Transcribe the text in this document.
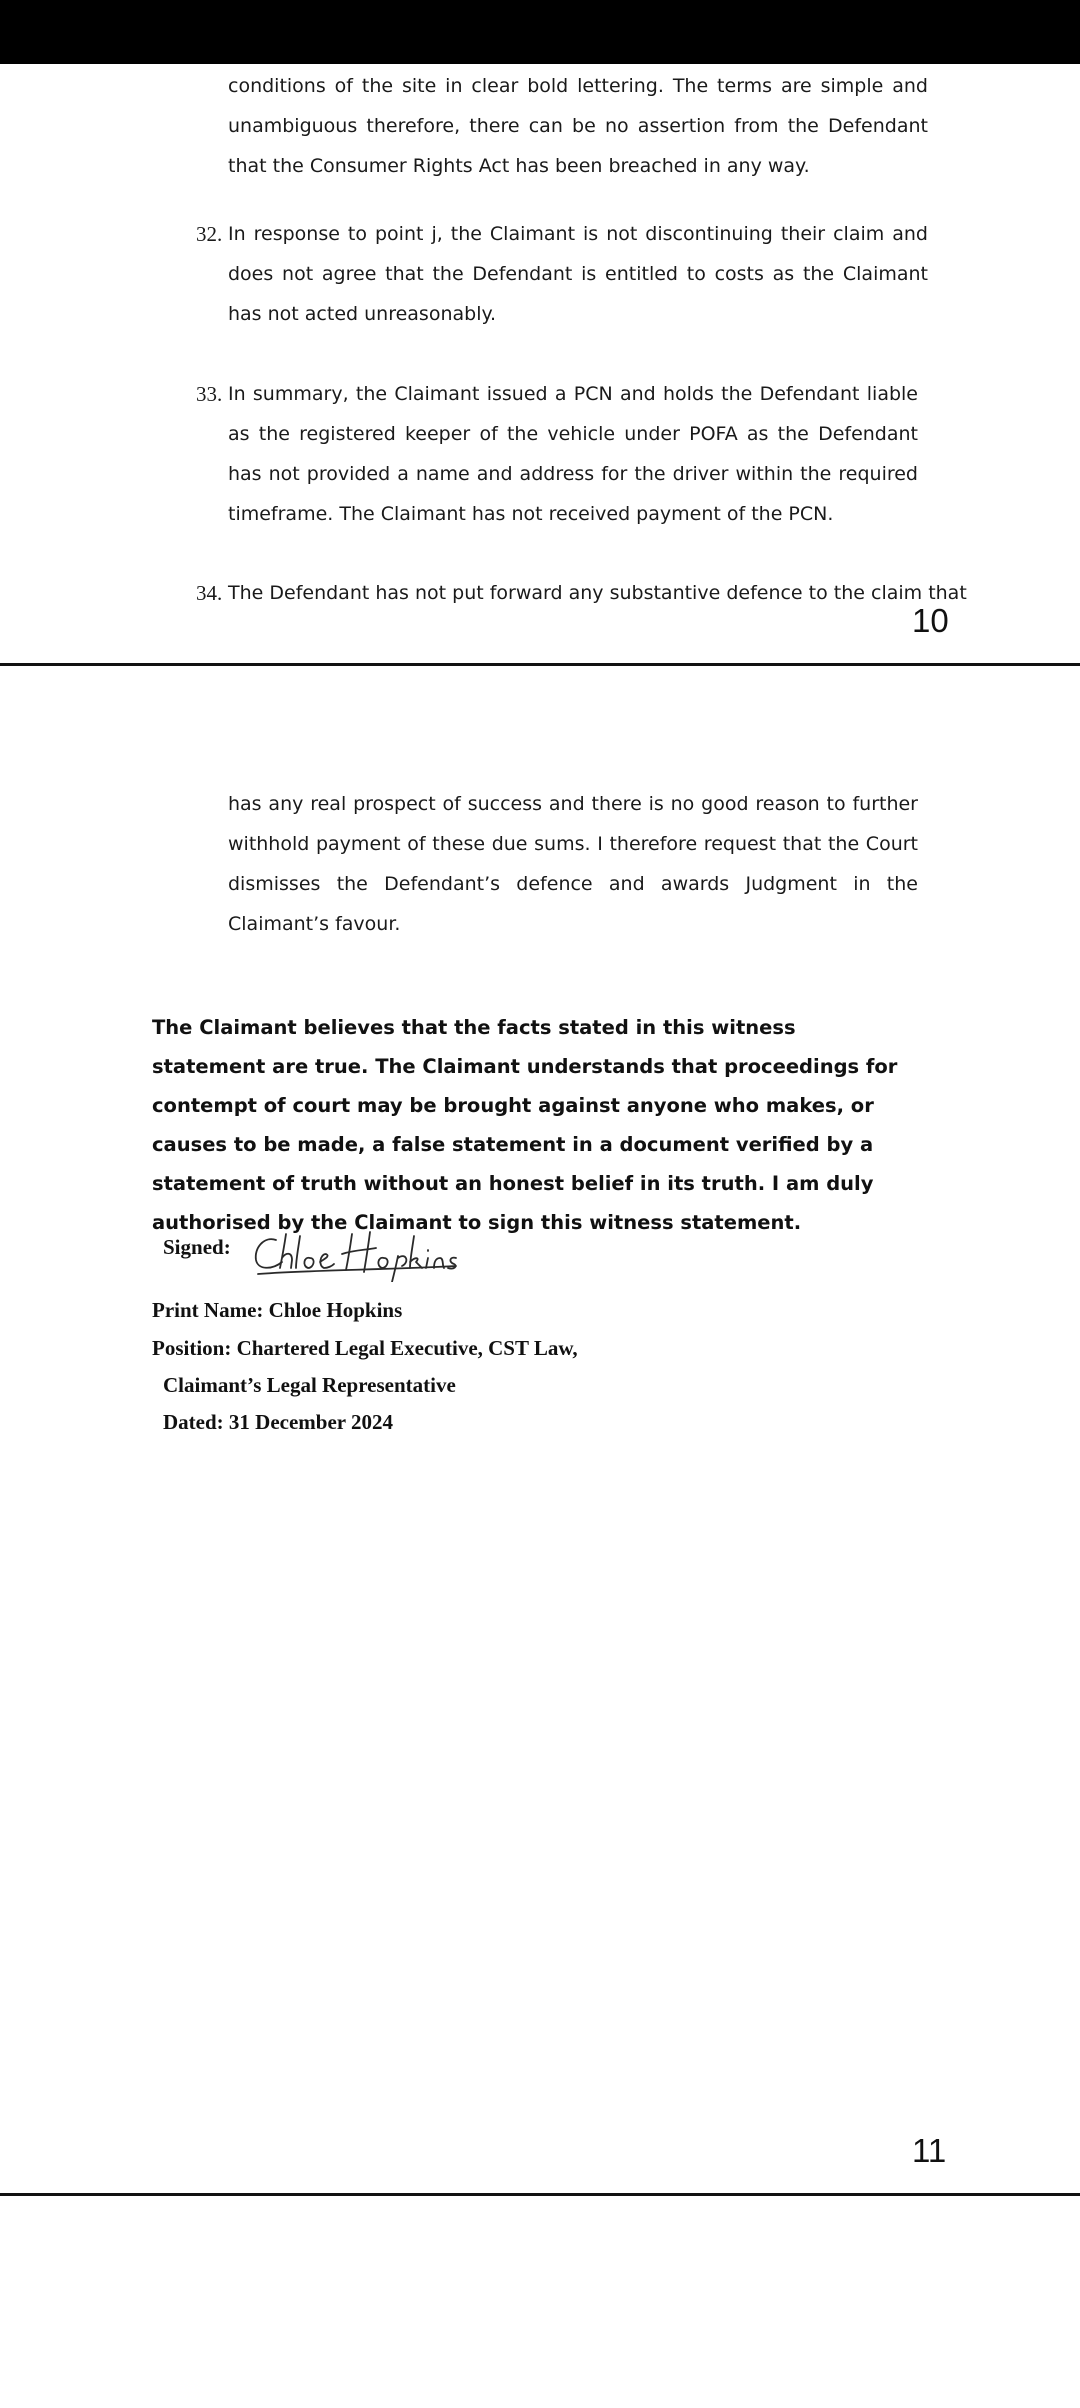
conditions of the site in clear bold lettering. The terms are simple and unambiguous therefore, there can be no assertion from the Defendant that the Consumer Rights Act has been breached in any way.

32. In response to point j, the Claimant is not discontinuing their claim and does not agree that the Defendant is entitled to costs as the Claimant has not acted unreasonably.

33. In summary, the Claimant issued a PCN and holds the Defendant liable as the registered keeper of the vehicle under POFA as the Defendant has not provided a name and address for the driver within the required timeframe. The Claimant has not received payment of the PCN.

34. The Defendant has not put forward any substantive defence to the claim that

10

has any real prospect of success and there is no good reason to further withhold payment of these due sums. I therefore request that the Court dismisses the Defendant’s defence and awards Judgment in the Claimant’s favour.

The Claimant believes that the facts stated in this witness statement are true. The Claimant understands that proceedings for contempt of court may be brought against anyone who makes, or causes to be made, a false statement in a document verified by a statement of truth without an honest belief in its truth. I am duly authorised by the Claimant to sign this witness statement.

Signed:
Print Name: Chloe Hopkins
Position: Chartered Legal Executive, CST Law,
Claimant’s Legal Representative
Dated: 31 December 2024
11
